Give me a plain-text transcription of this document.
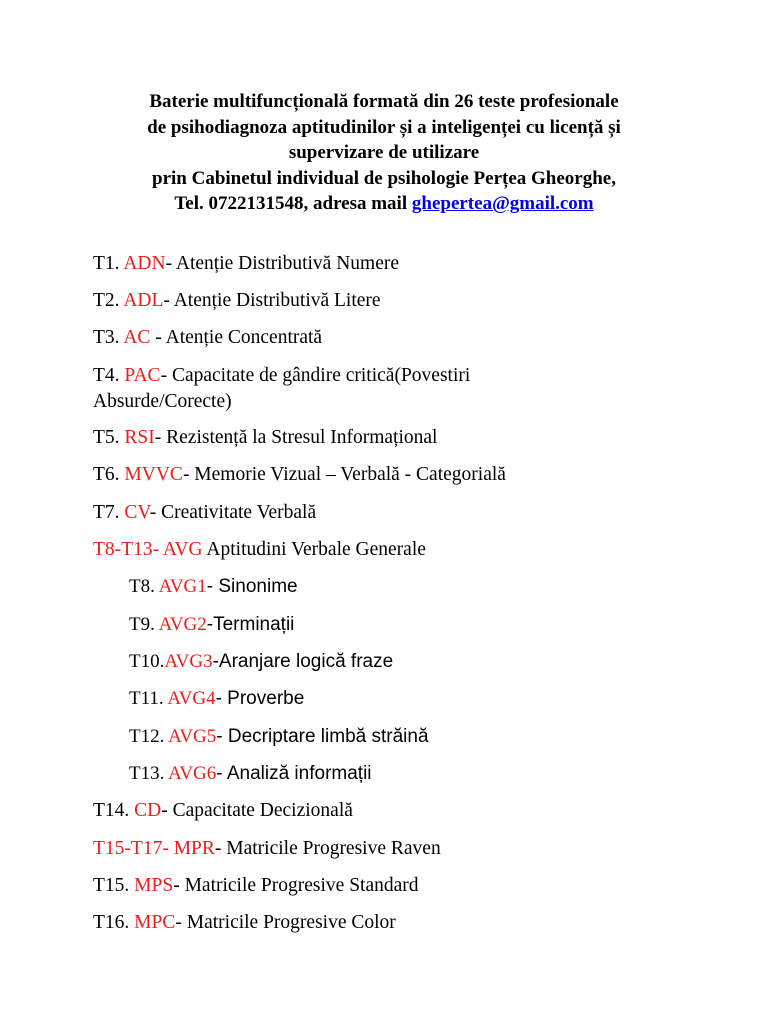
Baterie multifuncțională formată din 26 teste profesionale
de psihodiagnoza aptitudinilor și a inteligenței cu licență și
supervizare de utilizare
prin Cabinetul individual de psihologie Perțea Gheorghe,
Tel. 0722131548, adresa mail ghepertea@gmail.com
T1. ADN- Atenție Distributivă Numere
T2. ADL- Atenție Distributivă Litere
T3. AC - Atenție Concentrată
T4. PAC- Capacitate de gândire critică(Povestiri
Absurde/Corecte)
T5. RSI- Rezistență la Stresul Informațional
T6. MVVC- Memorie Vizual – Verbală - Categorială
T7. CV- Creativitate Verbală
T8-T13- AVG Aptitudini Verbale Generale
T8. AVG1- Sinonime
T9. AVG2-Terminații
T10.AVG3-Aranjare logică fraze
T11. AVG4- Proverbe
T12. AVG5- Decriptare limbă străină
T13. AVG6- Analiză informații
T14. CD- Capacitate Decizională
T15-T17- MPR- Matricile Progresive Raven
T15. MPS- Matricile Progresive Standard
T16. MPC- Matricile Progresive Color
